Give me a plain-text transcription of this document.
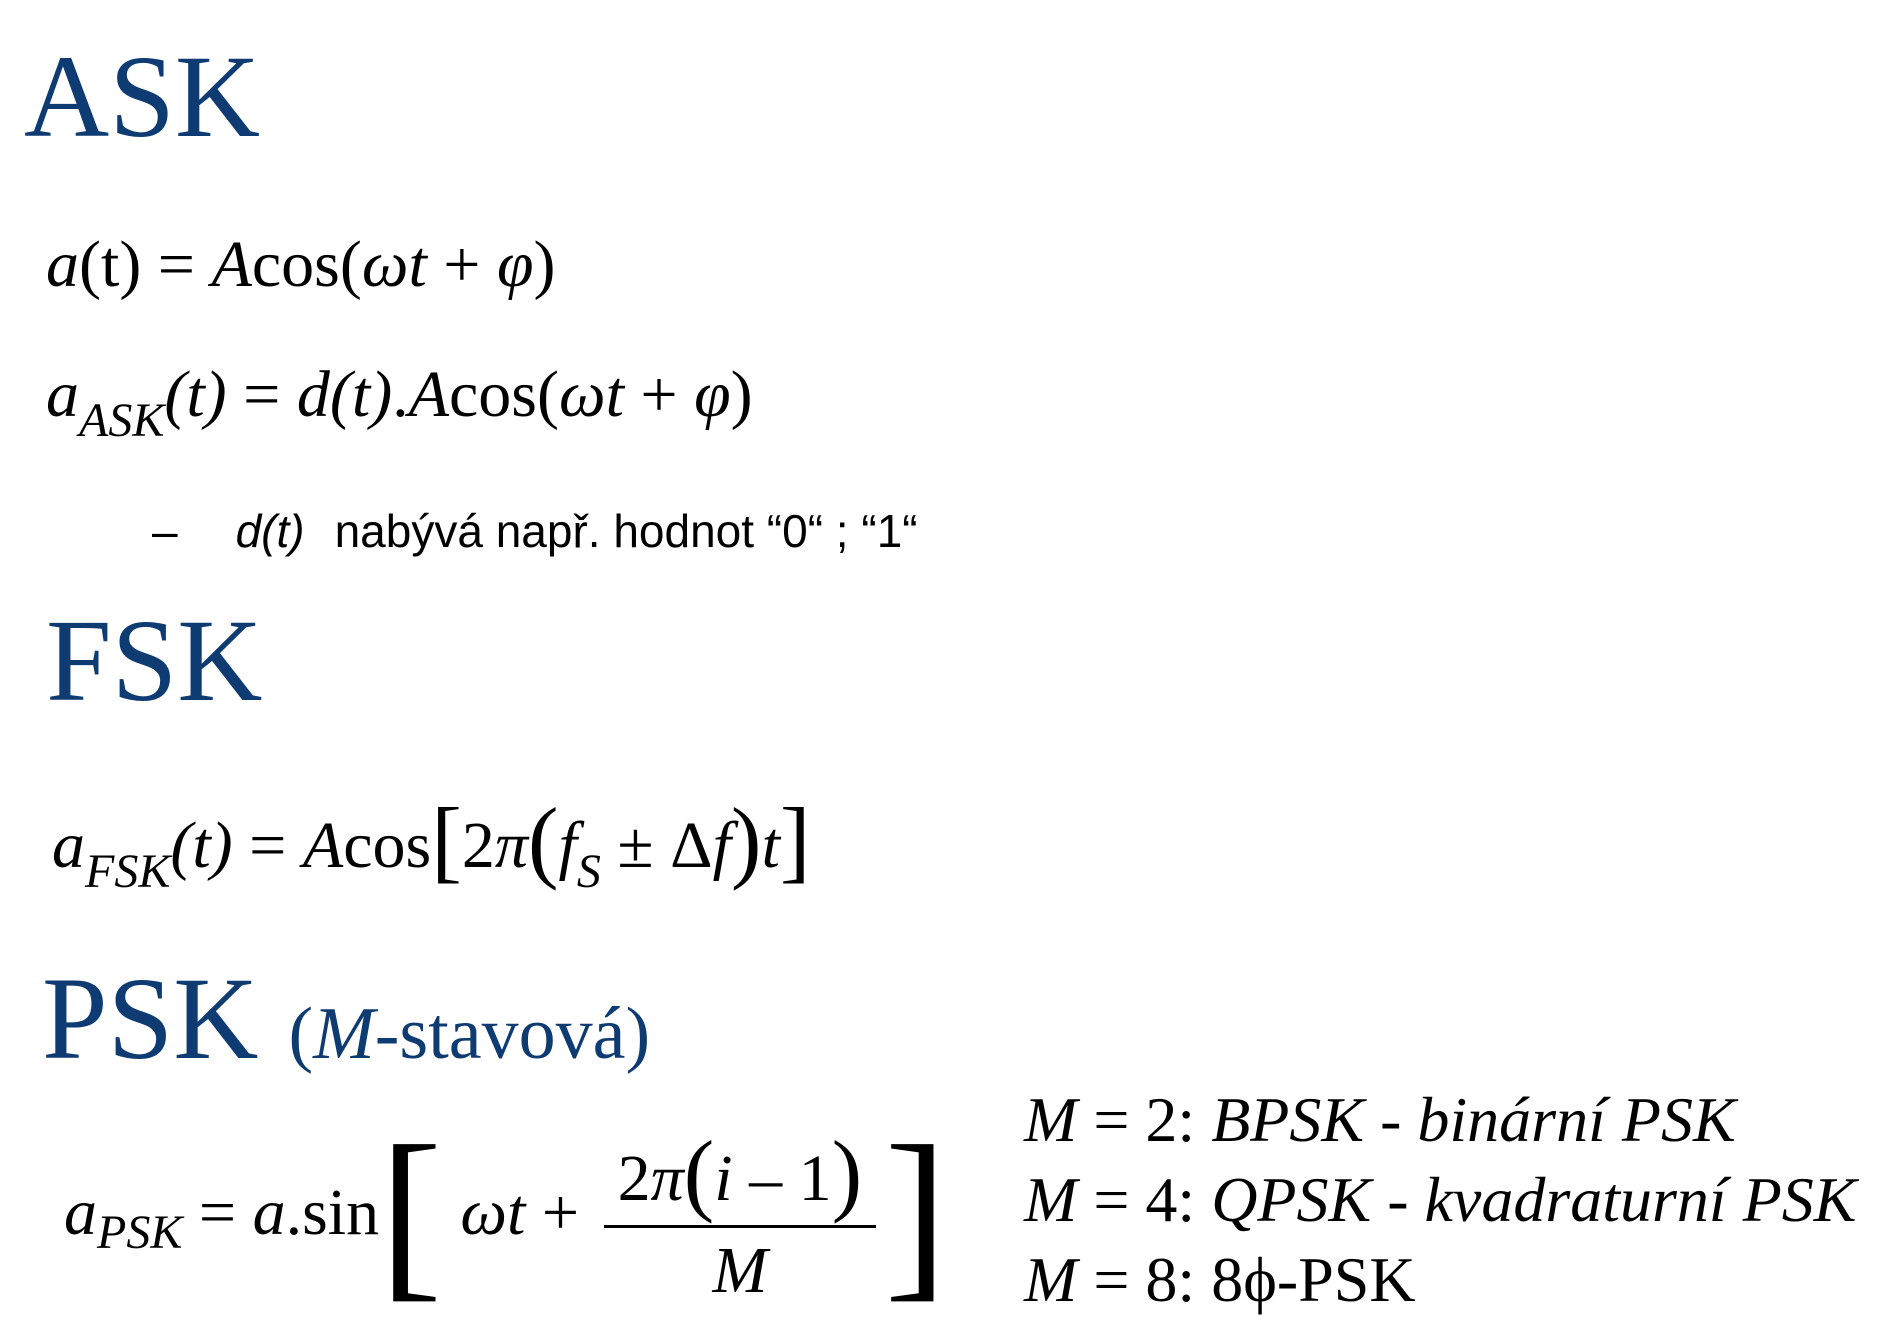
ASK
a(t) = Acos(ωt + φ)
$a_{ASK}(t) = d(t).Acos(\omega t + \varphi)$
– d(t) nabývá např. hodnot “0“ ; “1“
FSK
$a_{FSK}(t) = Acos[2\pi(f_S \pm \Delta f)t]$
PSK (M-stavová)
a PSK = a . sin [ ω $t + \frac{2\pi(i - 1)}{M}$ ] M = 2: BPSK - binární PSK
M = 4: QPSK - kvadraturní PSK
M = 8: 8ϕ-PSK
